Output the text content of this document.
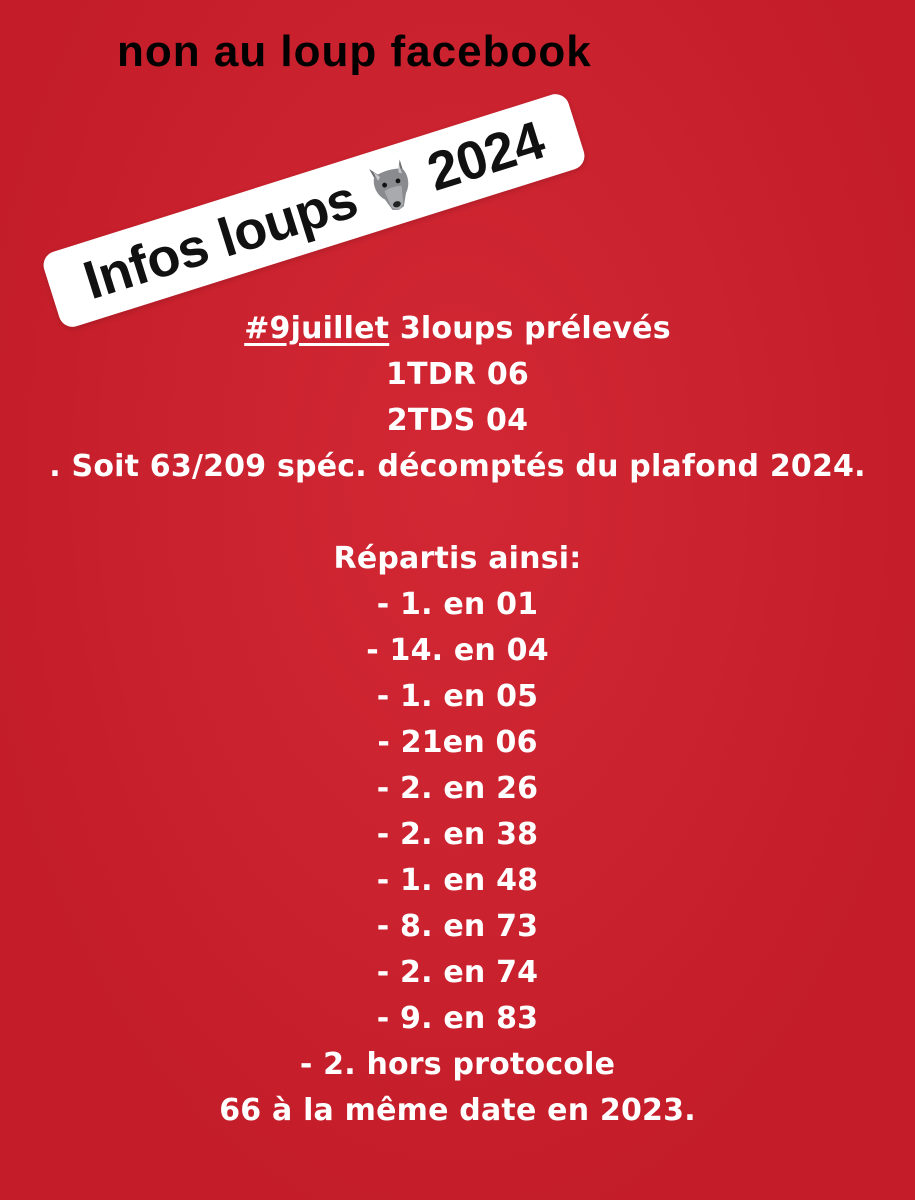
non au loup facebook
Infos loups
2024
#9juillet 3loups prélevés
1TDR 06
2TDS 04
. Soit 63/209 spéc. décomptés du plafond 2024.
Répartis ainsi:
- 1. en 01
- 14. en 04
- 1. en 05
- 21en 06
- 2. en 26
- 2. en 38
- 1. en 48
- 8. en 73
- 2. en 74
- 9. en 83
- 2. hors protocole
66 à la même date en 2023.
